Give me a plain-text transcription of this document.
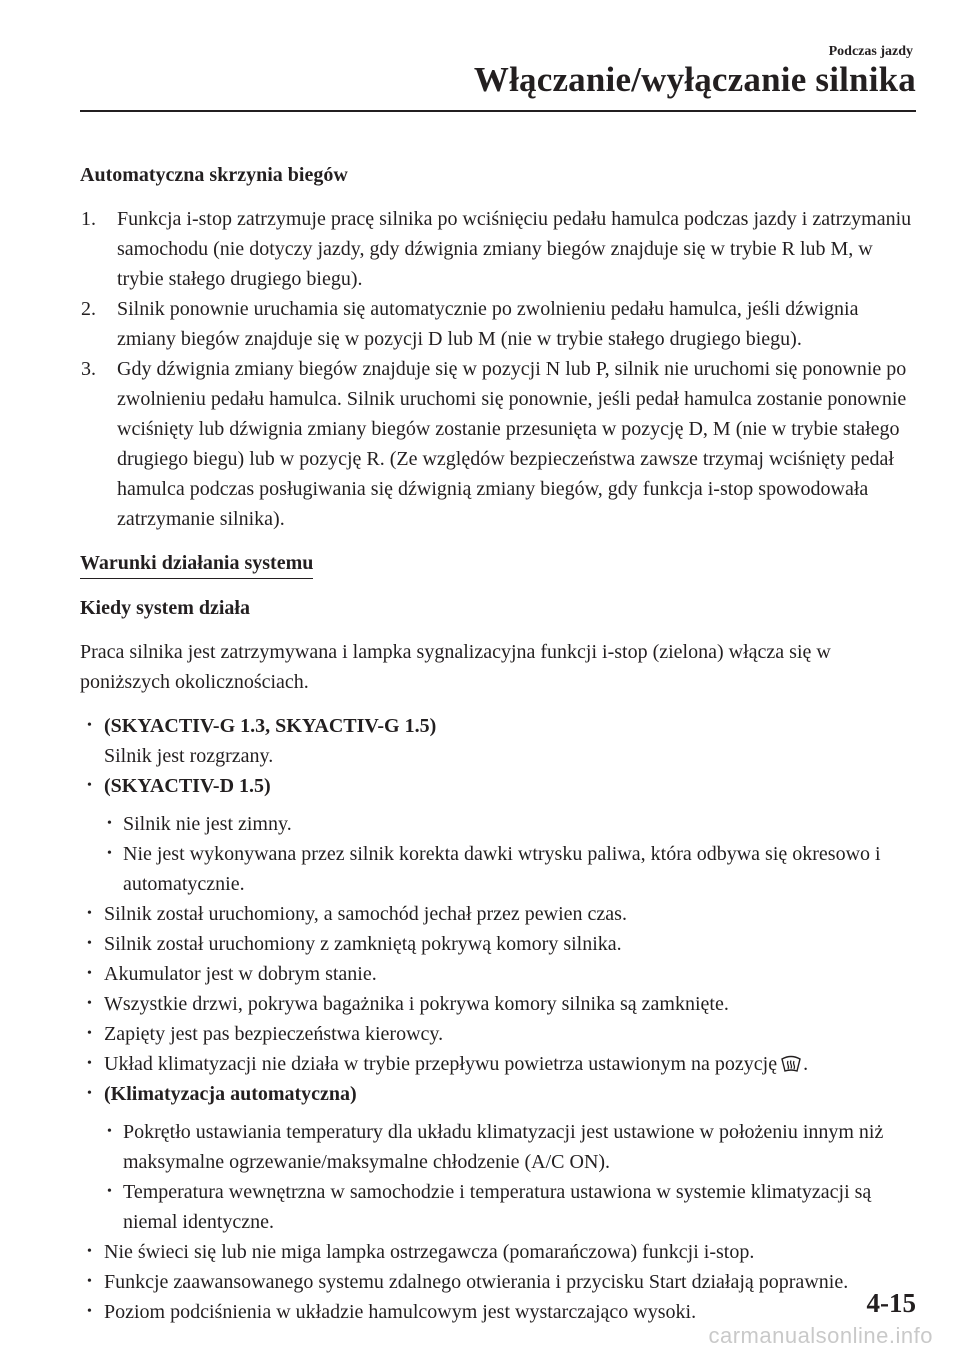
Podczas jazdy
Włączanie/wyłączanie silnika

Automatyczna skrzynia biegów

1. Funkcja i-stop zatrzymuje pracę silnika po wciśnięciu pedału hamulca podczas jazdy i zatrzymaniu samochodu (nie dotyczy jazdy, gdy dźwignia zmiany biegów znajduje się w trybie R lub M, w trybie stałego drugiego biegu).
2. Silnik ponownie uruchamia się automatycznie po zwolnieniu pedału hamulca, jeśli dźwignia zmiany biegów znajduje się w pozycji D lub M (nie w trybie stałego drugiego biegu).
3. Gdy dźwignia zmiany biegów znajduje się w pozycji N lub P, silnik nie uruchomi się ponownie po zwolnieniu pedału hamulca. Silnik uruchomi się ponownie, jeśli pedał hamulca zostanie ponownie wciśnięty lub dźwignia zmiany biegów zostanie przesunięta w pozycję D, M (nie w trybie stałego drugiego biegu) lub w pozycję R. (Ze względów bezpieczeństwa zawsze trzymaj wciśnięty pedał hamulca podczas posługiwania się dźwignią zmiany biegów, gdy funkcja i-stop spowodowała zatrzymanie silnika).
Warunki działania systemu

Kiedy system działa

Praca silnika jest zatrzymywana i lampka sygnalizacyjna funkcji i-stop (zielona) włącza się w poniższych okolicznościach.

• (SKYACTIV-G 1.3, SKYACTIV-G 1.5)
Silnik jest rozgrzany.
• (SKYACTIV-D 1.5)
• Silnik nie jest zimny.
• Nie jest wykonywana przez silnik korekta dawki wtrysku paliwa, która odbywa się okresowo i automatycznie.
• Silnik został uruchomiony, a samochód jechał przez pewien czas.
• Silnik został uruchomiony z zamkniętą pokrywą komory silnika.
• Akumulator jest w dobrym stanie.
• Wszystkie drzwi, pokrywa bagażnika i pokrywa komory silnika są zamknięte.
• Zapięty jest pas bezpieczeństwa kierowcy.
• Układ klimatyzacji nie działa w trybie przepływu powietrza ustawionym na pozycję .
• (Klimatyzacja automatyczna)
• Pokrętło ustawiania temperatury dla układu klimatyzacji jest ustawione w położeniu innym niż maksymalne ogrzewanie/maksymalne chłodzenie (A/C ON).
• Temperatura wewnętrzna w samochodzie i temperatura ustawiona w systemie klimatyzacji są niemal identyczne.
• Nie świeci się lub nie miga lampka ostrzegawcza (pomarańczowa) funkcji i-stop.
• Funkcje zaawansowanego systemu zdalnego otwierania i przycisku Start działają poprawnie.
• Poziom podciśnienia w układzie hamulcowym jest wystarczająco wysoki.	4-15
carmanualsonline.info
